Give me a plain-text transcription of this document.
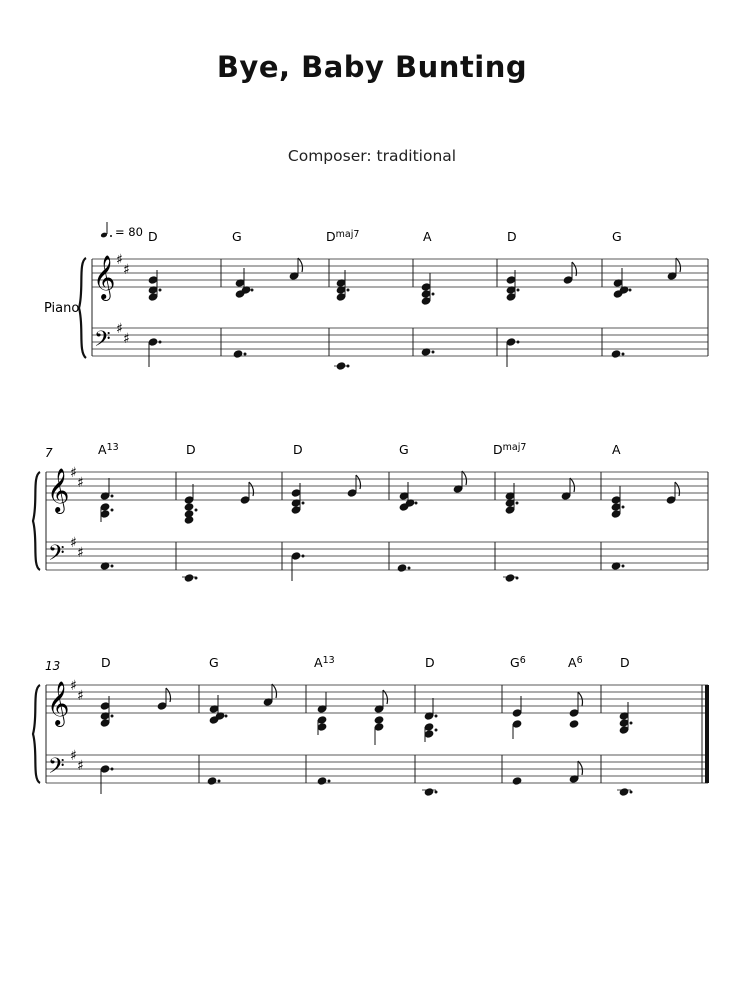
Bye, Baby Bunting
Composer: traditional
= 80
Piano
𝄞
𝄢
♯
♯
♯
♯
D	G	$D^{maj7}$	A	D	G
7
𝄞
𝄢
♯
♯
♯
♯
$A^{13}$	D	D	G	$D^{maj7}$	A
13
𝄞
𝄢
♯
♯
♯
♯
D	G	$A^{13}$	D	$G^6$	$A^6$	D
